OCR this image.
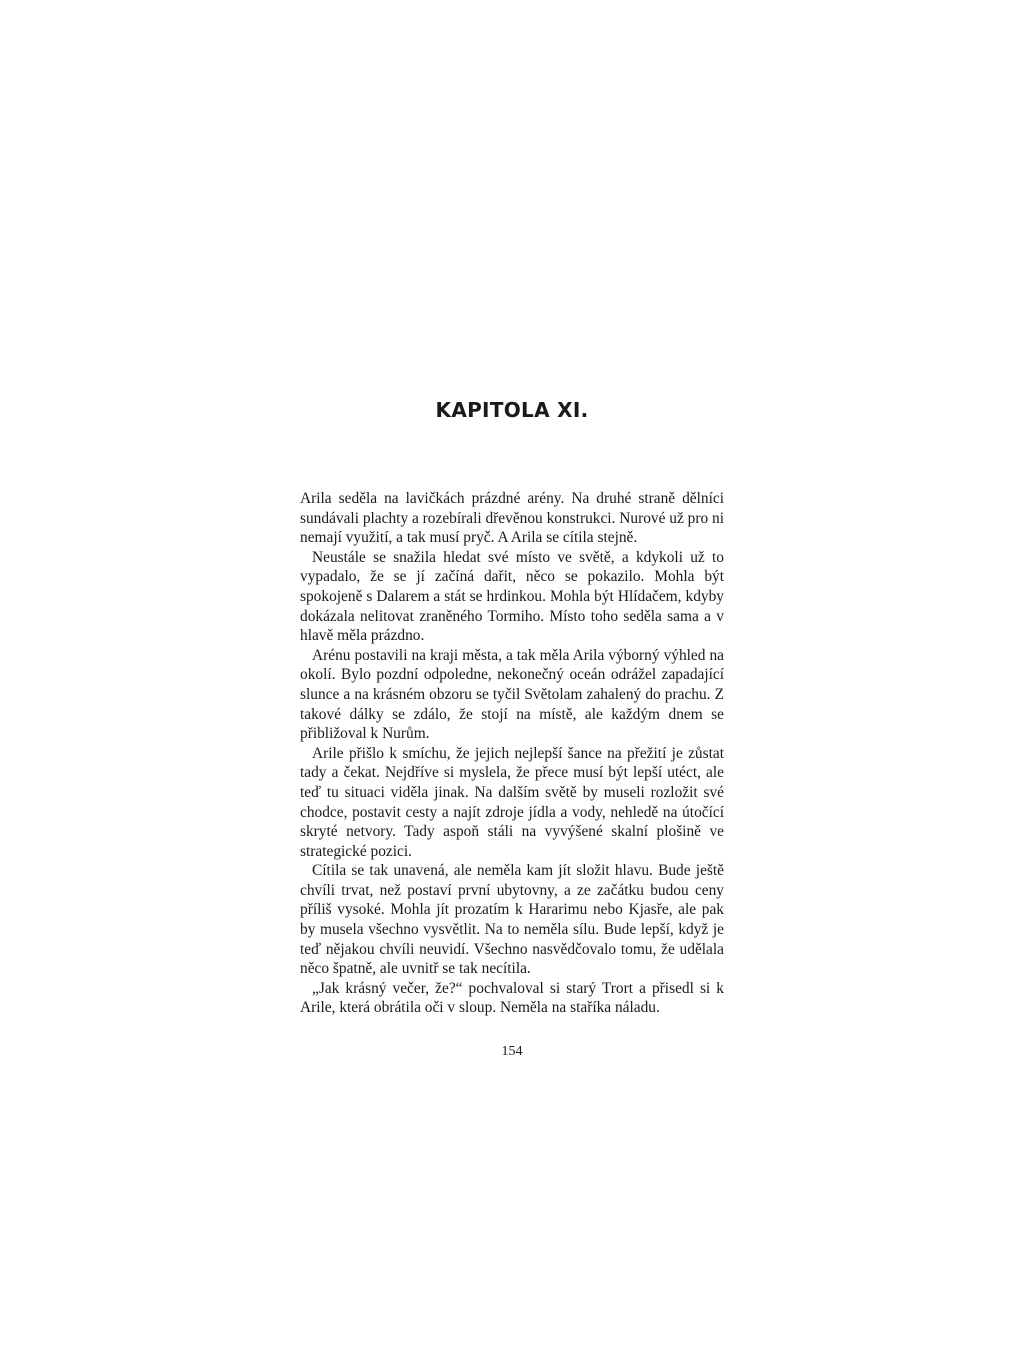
KAPITOLA XI.

Arila seděla na lavičkách prázdné arény. Na druhé straně dělníci sundávali plachty a rozebírali dřevěnou konstrukci. Nurové už pro ni nemají využití, a tak musí pryč. A Arila se cítila stejně.

Neustále se snažila hledat své místo ve světě, a kdykoli už to vypadalo, že se jí začíná dařit, něco se pokazilo. Mohla být spokojeně s Dalarem a stát se hrdinkou. Mohla být Hlídačem, kdyby dokázala nelitovat zraněného Tormiho. Místo toho seděla sama a v hlavě měla prázdno.

Arénu postavili na kraji města, a tak měla Arila výborný výhled na okolí. Bylo pozdní odpoledne, nekonečný oceán odrážel zapadající slunce a na krásném obzoru se tyčil Světolam zahalený do prachu. Z takové dálky se zdálo, že stojí na místě, ale každým dnem se přibližoval k Nurům.

Arile přišlo k smíchu, že jejich nejlepší šance na přežití je zůstat tady a čekat. Nejdříve si myslela, že přece musí být lepší utéct, ale teď tu situaci viděla jinak. Na dalším světě by museli rozložit své chodce, postavit cesty a najít zdroje jídla a vody, nehledě na útočící skryté netvory. Tady aspoň stáli na vyvýšené skalní plošině ve strategické pozici.

Cítila se tak unavená, ale neměla kam jít složit hlavu. Bude ještě chvíli trvat, než postaví první ubytovny, a ze začátku budou ceny příliš vysoké. Mohla jít prozatím k Hararimu nebo Kjasře, ale pak by musela všechno vysvětlit. Na to neměla sílu. Bude lepší, když je teď nějakou chvíli neuvidí. Všechno nasvědčovalo tomu, že udělala něco špatně, ale uvnitř se tak necítila.

„Jak krásný večer, že?“ pochvaloval si starý Trort a přisedl si k Arile, která obrátila oči v sloup. Neměla na staříka náladu.

154
